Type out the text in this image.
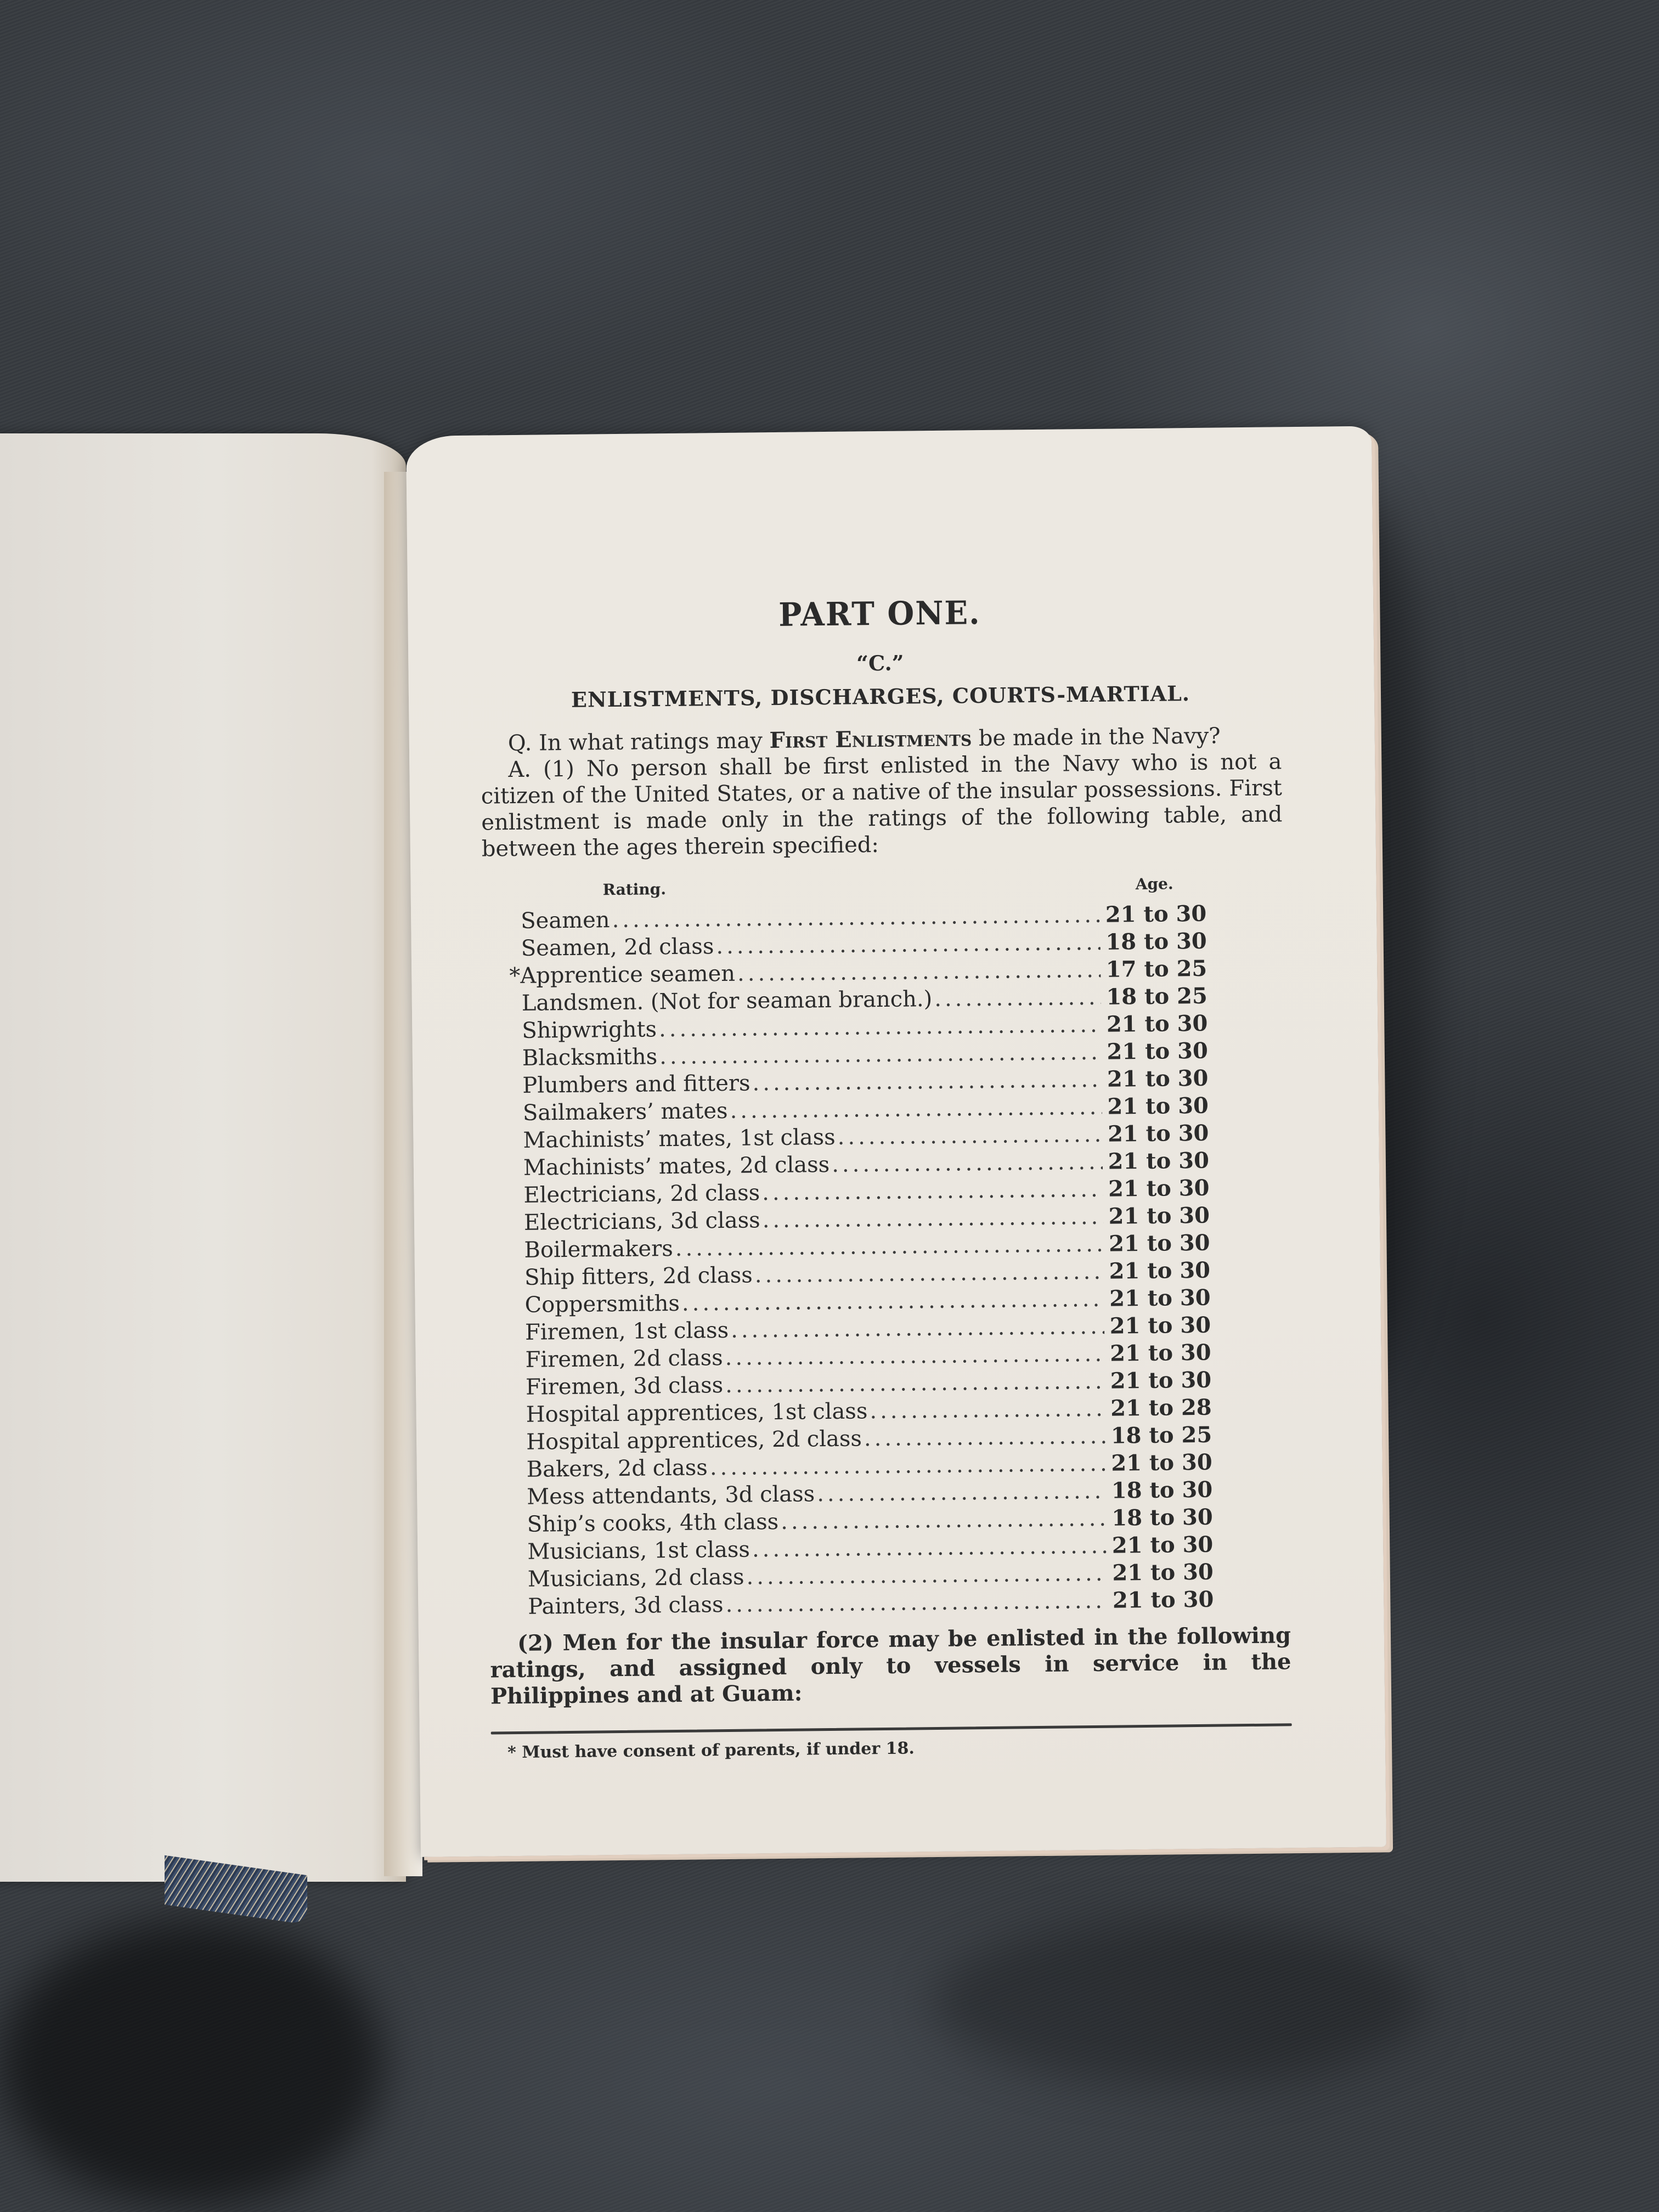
PART ONE.
“C.”
ENLISTMENTS, DISCHARGES, COURTS-MARTIAL.

Q. In what ratings may First Enlistments be made in the Navy?

A. (1) No person shall be first enlisted in the Navy who is not a citizen of the United States, or a native of the insular possessions. First enlistment is made only in the ratings of the following table, and between the ages therein specified:

Rating.	Age.
Seamen .....	21 to 30
Seamen, 2d class .....	18 to 30
*Apprentice seamen .....	17 to 25
Landsmen. (Not for seaman branch.) .....	18 to 25
Shipwrights .....	21 to 30
Blacksmiths .....	21 to 30
Plumbers and fitters .....	21 to 30
Sailmakers’ mates .....	21 to 30
Machinists’ mates, 1st class .....	21 to 30
Machinists’ mates, 2d class .....	21 to 30
Electricians, 2d class .....	21 to 30
Electricians, 3d class .....	21 to 30
Boilermakers .....	21 to 30
Ship fitters, 2d class .....	21 to 30
Coppersmiths .....	21 to 30
Firemen, 1st class .....	21 to 30
Firemen, 2d class .....	21 to 30
Firemen, 3d class .....	21 to 30
Hospital apprentices, 1st class .....	21 to 28
Hospital apprentices, 2d class .....	18 to 25
Bakers, 2d class .....	21 to 30
Mess attendants, 3d class .....	18 to 30
Ship’s cooks, 4th class .....	18 to 30
Musicians, 1st class .....	21 to 30
Musicians, 2d class .....	21 to 30
Painters, 3d class .....	21 to 30

(2) Men for the insular force may be enlisted in the following ratings, and assigned only to vessels in service in the Philippines and at Guam:

* Must have consent of parents, if under 18.
